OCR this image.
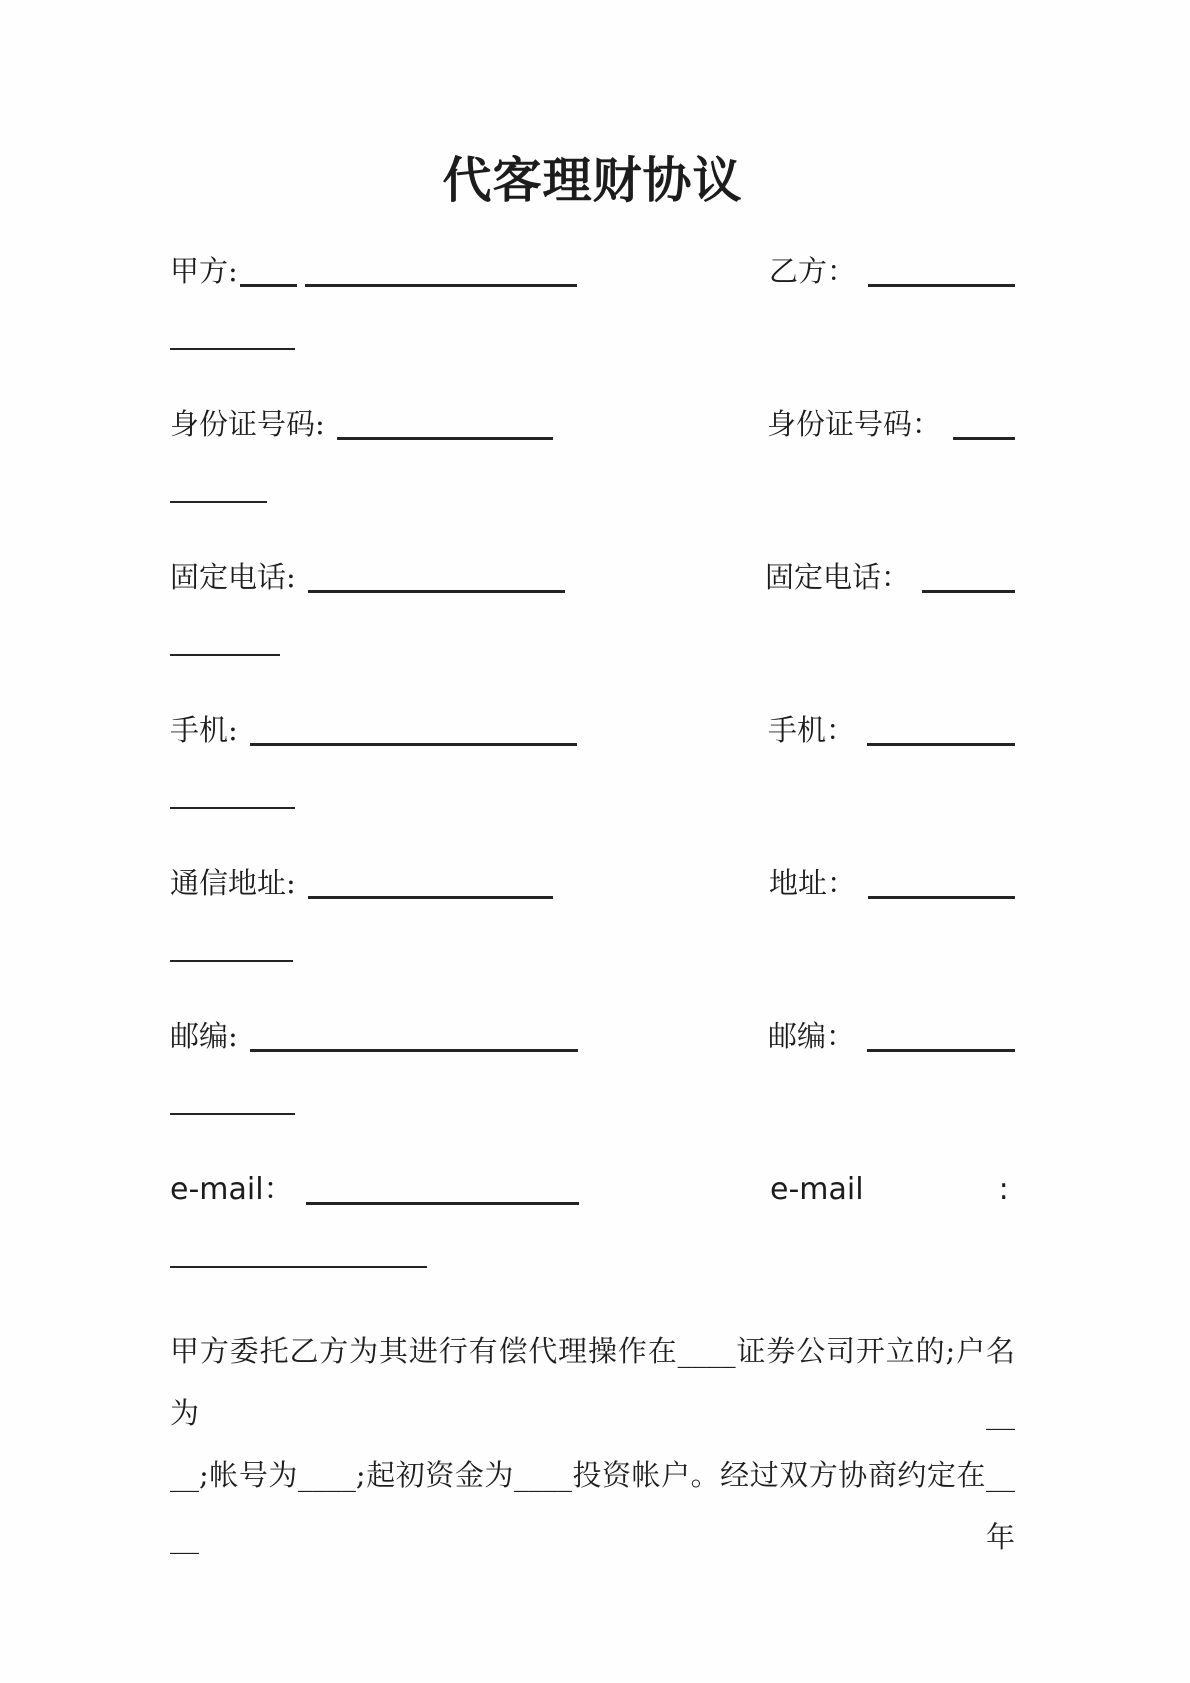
代客理财协议
甲方:	乙方：
身份证号码:	身份证号码：
固定电话:	固定电话：
手机:	手机：
通信地址:	地址：
邮编:	邮编：
e-mail：	e-mail	:
甲方委托乙方为其进行有偿代理操作在____证券公司开立的;户名为__
__;帐号为____;起初资金为____投资帐户。经过双方协商约定在____年
